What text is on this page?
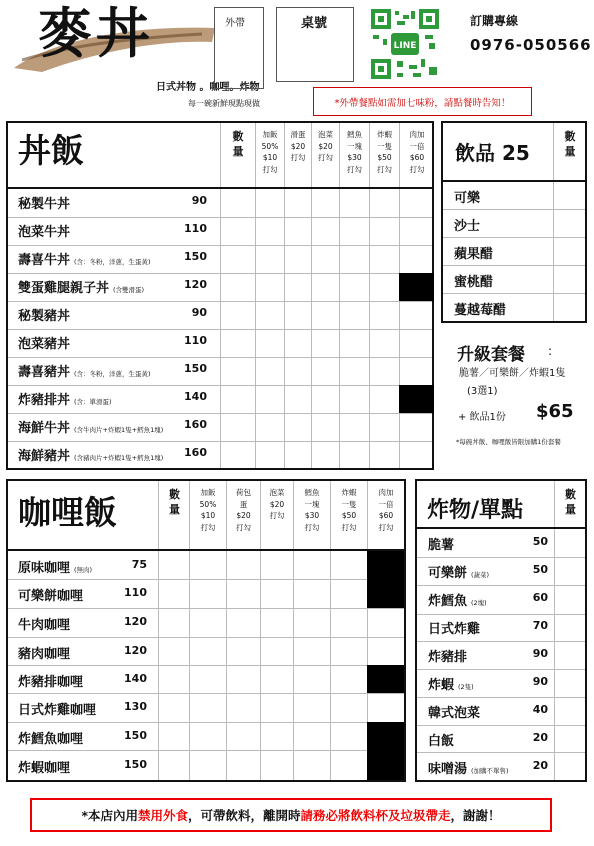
麥丼
日式丼物 。咖哩。炸物
每一碗新鮮現點現做
外帶	桌號
LINE
訂購專線
0976-050566
*外帶餐點如需加七味粉，請點餐時告知！
丼飯	數
量
加飯
50%
$10
打勾
滑蛋
$20
打勾
泡菜
$20
打勾
鱈魚
一塊
$30
打勾
炸蝦
一隻
$50
打勾
肉加
一倍
$60
打勾
飲品 25
數
量
升級套餐 :
脆薯／可樂餅／炸蝦1隻
(3選1)
+ 飲品1份 $65
*每碗丼飯、咖哩飯皆限加購1份套餐
咖哩飯	數
量
加飯
50%
$10
打勾
荷包
蛋
$20
打勾
泡菜
$20
打勾
鱈魚
一塊
$30
打勾
炸蝦
一隻
$50
打勾
肉加
一倍
$60
打勾
炸物/單點
數
量
秘製牛丼	90
泡菜牛丼	110
壽喜牛丼 (含：冬粉，洋蔥，生蛋黃)	150
雙蛋雞腿親子丼 (含雙滑蛋)	120
秘製豬丼	90
泡菜豬丼	110
壽喜豬丼 (含：冬粉，洋蔥，生蛋黃)	150
炸豬排丼 (含：單滑蛋)	140
海鮮牛丼 (含牛肉片+炸蝦1隻+鱈魚1塊)	160
海鮮豬丼 (含豬肉片+炸蝦1隻+鱈魚1塊)	160
可樂
沙士
蘋果醋
蜜桃醋
蔓越莓醋
原味咖哩 (無肉)	75
可樂餅咖哩	110
牛肉咖哩	120
豬肉咖哩	120
炸豬排咖哩	140
日式炸雞咖哩	130
炸鱈魚咖哩	150
炸蝦咖哩	150
脆薯	50
可樂餅 (蔬菜)	50
炸鱈魚 (2塊)	60
日式炸雞	70
炸豬排	90
炸蝦 (2隻)	90
韓式泡菜	40
白飯	20
味噌湯 (加購不單售)	20
*本店內用 禁用外食 ，可帶飲料，離開時 請務必將飲料杯及垃圾帶走 ，謝謝！
